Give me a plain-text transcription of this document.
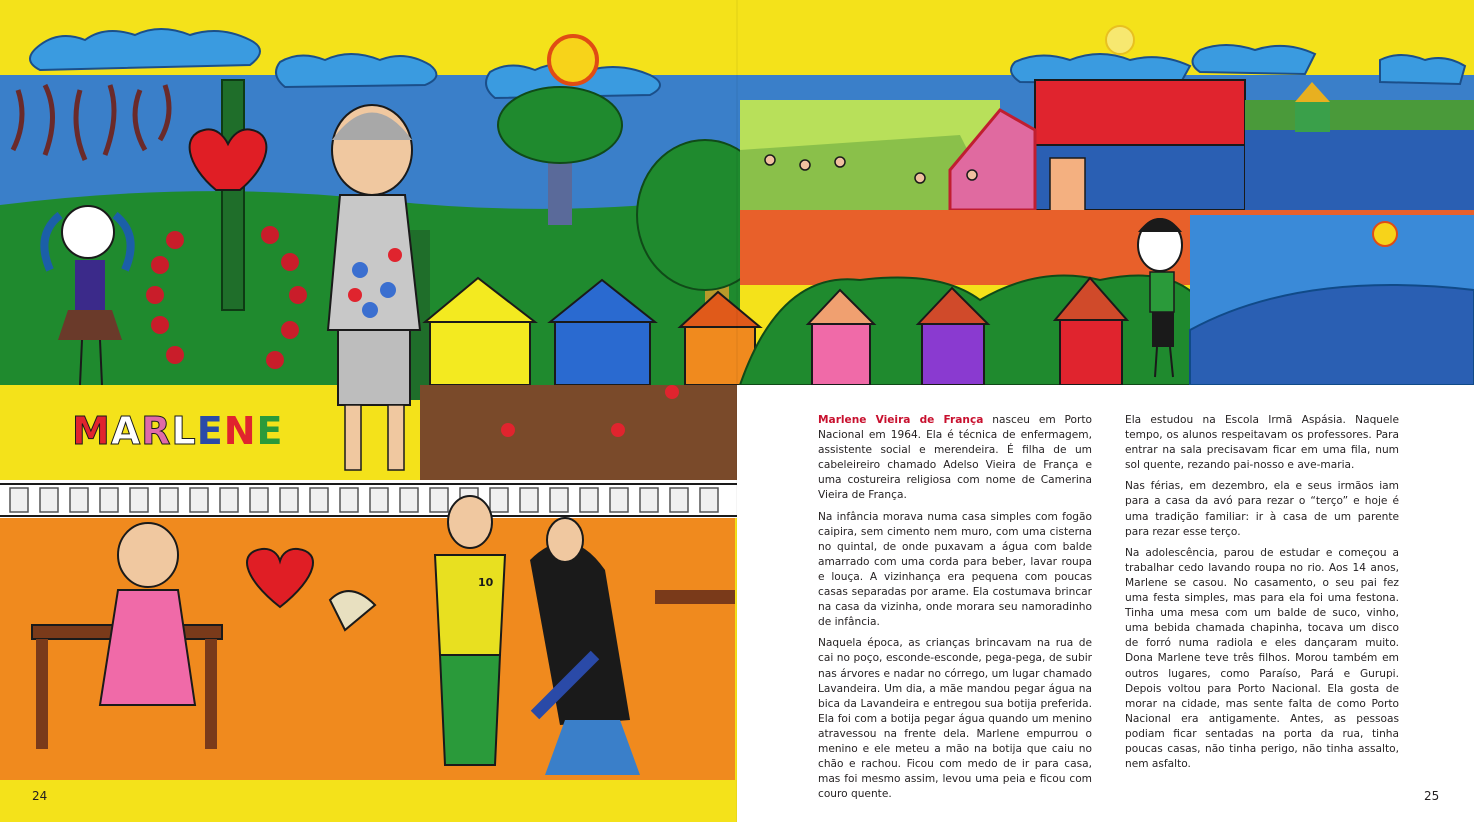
MARLENE
10

Marlene Vieira de França nasceu em Porto Nacional em 1964. Ela é técnica de enfermagem, assistente social e merendeira. É filha de um cabeleireiro chamado Adelso Vieira de França e uma costureira religiosa com nome de Camerina Vieira de França.

Na infância morava numa casa simples com fogão caipira, sem cimento nem muro, com uma cisterna no quintal, de onde puxavam a água com balde amarrado com uma corda para beber, lavar roupa e louça. A vizinhança era pequena com poucas casas separadas por arame. Ela costumava brincar na casa da vizinha, onde morara seu namoradinho de infância.

Naquela época, as crianças brincavam na rua de cai no poço, esconde-esconde, pega-pega, de subir nas árvores e nadar no córrego, um lugar chamado Lavandeira. Um dia, a mãe mandou pegar água na bica da Lavandeira e entregou sua botija preferida. Ela foi com a botija pegar água quando um menino atravessou na frente dela. Marlene empurrou o menino e ele meteu a mão na botija que caiu no chão e rachou. Ficou com medo de ir para casa, mas foi mesmo assim, levou uma peia e ficou com couro quente.

Ela estudou na Escola Irmã Aspásia. Naquele tempo, os alunos respeitavam os professores. Para entrar na sala precisavam ficar em uma fila, num sol quente, rezando pai-nosso e ave-maria.

Nas férias, em dezembro, ela e seus irmãos iam para a casa da avó para rezar o “terço” e hoje é uma tradição familiar: ir à casa de um parente para rezar esse terço.

Na adolescência, parou de estudar e começou a trabalhar cedo lavando roupa no rio. Aos 14 anos, Marlene se casou. No casamento, o seu pai fez uma festa simples, mas para ela foi uma festona. Tinha uma mesa com um balde de suco, vinho, uma bebida chamada chapinha, tocava um disco de forró numa radiola e eles dançaram muito. Dona Marlene teve três filhos. Morou também em outros lugares, como Paraíso, Pará e Gurupi. Depois voltou para Porto Nacional. Ela gosta de morar na cidade, mas sente falta de como Porto Nacional era antigamente. Antes, as pessoas podiam ficar sentadas na porta da rua, tinha poucas casas, não tinha perigo, não tinha assalto, nem asfalto.

24	25
